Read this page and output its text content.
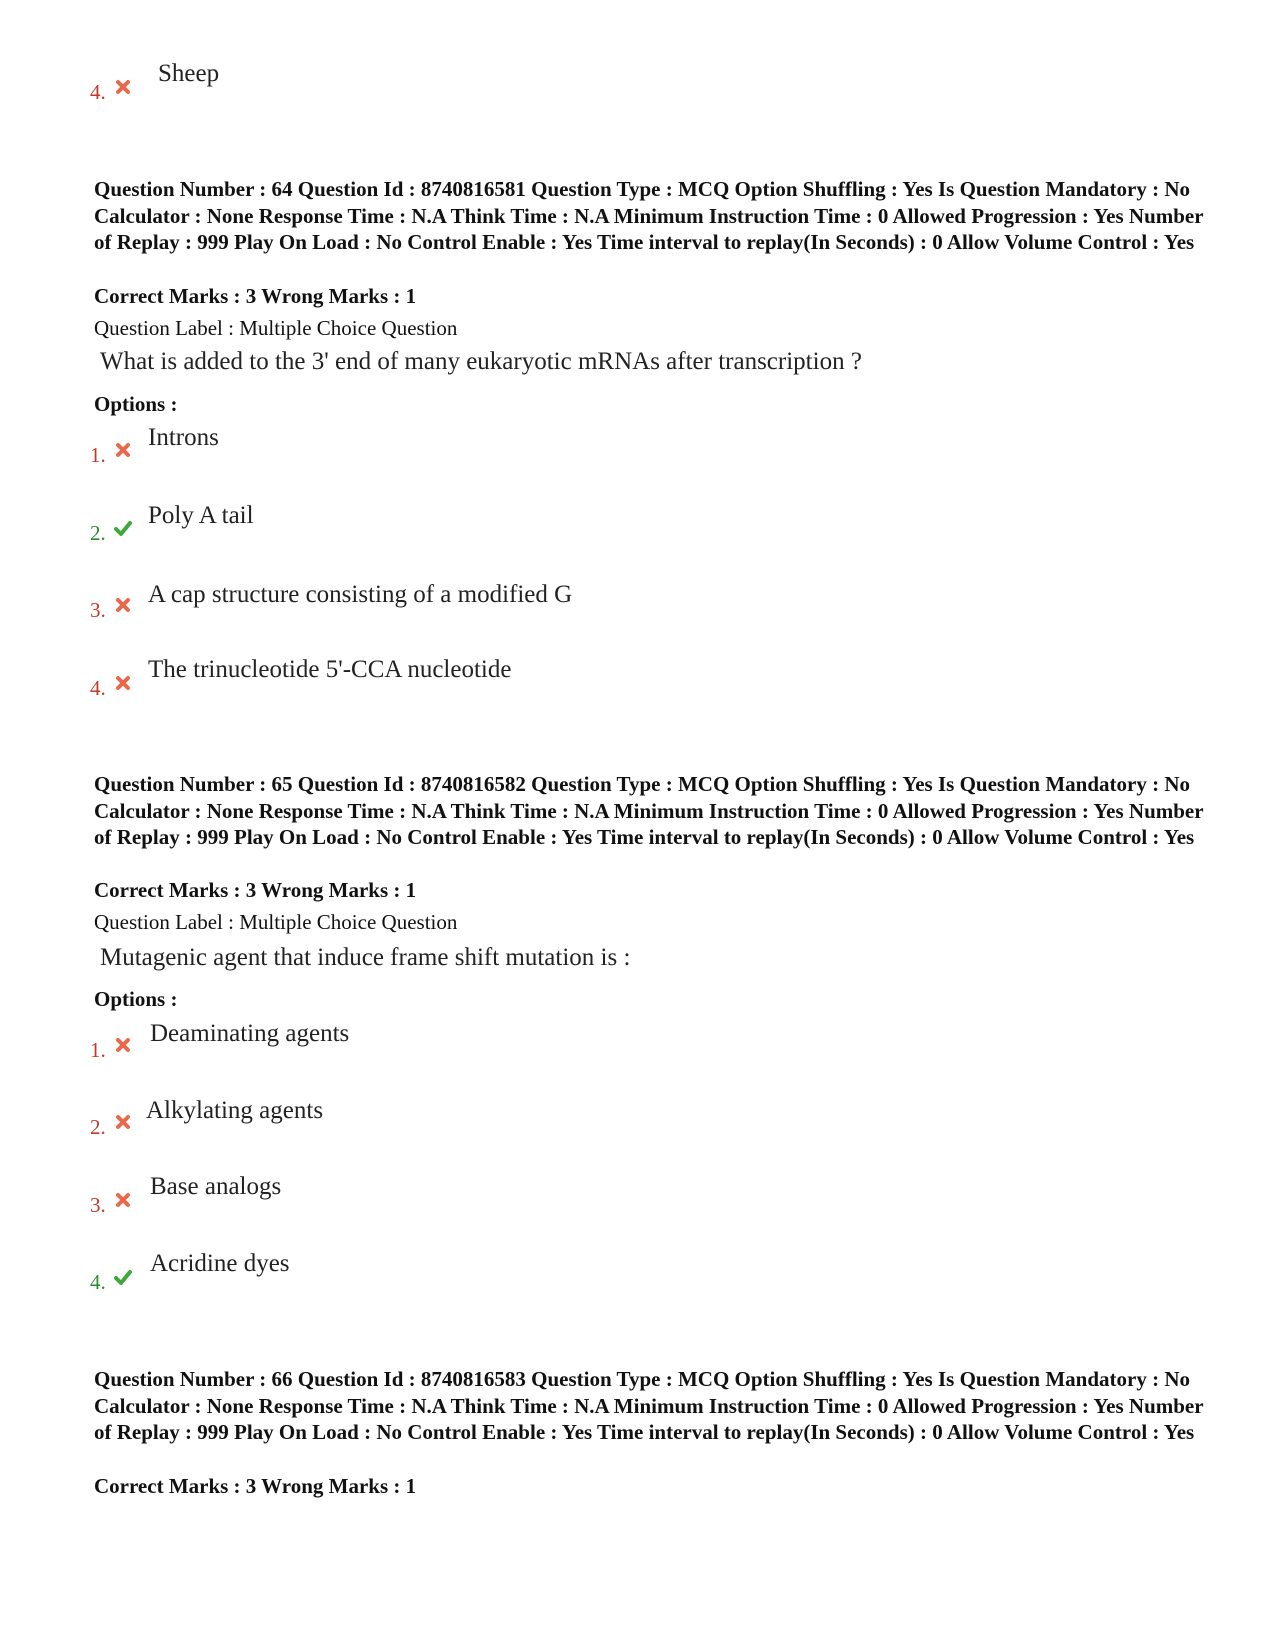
4.
Sheep
Question Number : 64 Question Id : 8740816581 Question Type : MCQ Option Shuffling : Yes Is Question Mandatory : No Calculator : None Response Time : N.A Think Time : N.A Minimum Instruction Time : 0 Allowed Progression : Yes Number of Replay : 999 Play On Load : No Control Enable : Yes Time interval to replay(In Seconds) : 0 Allow Volume Control : Yes
Correct Marks : 3 Wrong Marks : 1
Question Label : Multiple Choice Question
What is added to the 3' end of many eukaryotic mRNAs after transcription ?
Options :
1.
Introns
2.
Poly A tail
3.
A cap structure consisting of a modified G
4.
The trinucleotide 5'-CCA nucleotide
Question Number : 65 Question Id : 8740816582 Question Type : MCQ Option Shuffling : Yes Is Question Mandatory : No Calculator : None Response Time : N.A Think Time : N.A Minimum Instruction Time : 0 Allowed Progression : Yes Number of Replay : 999 Play On Load : No Control Enable : Yes Time interval to replay(In Seconds) : 0 Allow Volume Control : Yes
Correct Marks : 3 Wrong Marks : 1
Question Label : Multiple Choice Question
Mutagenic agent that induce frame shift mutation is :
Options :
1.
Deaminating agents
2.
Alkylating agents
3.
Base analogs
4.
Acridine dyes
Question Number : 66 Question Id : 8740816583 Question Type : MCQ Option Shuffling : Yes Is Question Mandatory : No Calculator : None Response Time : N.A Think Time : N.A Minimum Instruction Time : 0 Allowed Progression : Yes Number of Replay : 999 Play On Load : No Control Enable : Yes Time interval to replay(In Seconds) : 0 Allow Volume Control : Yes
Correct Marks : 3 Wrong Marks : 1
